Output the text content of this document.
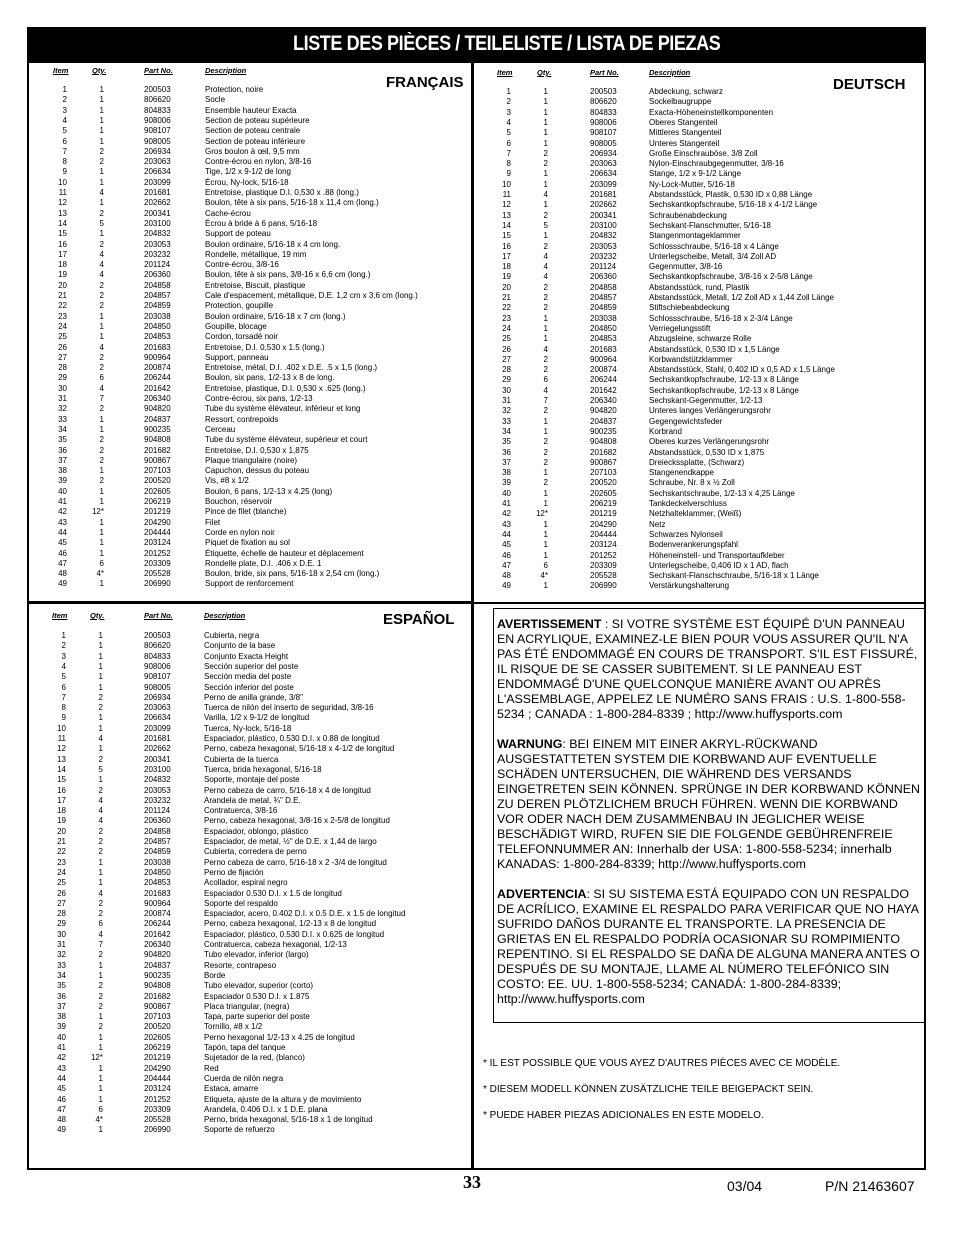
LISTE DES PIÈCES / TEILELISTE / LISTA DE PIEZAS
FRANÇAIS
Item	Qty.	Part No.	Description
1	1	200503	Protection, noire
2	1	806620	Socle
3	1	804833	Ensemble hauteur Exacta
4	1	908006	Section de poteau supérieure
5	1	908107	Section de poteau centrale
6	1	908005	Section de poteau inférieure
7	2	206934	Gros boulon à œil, 9,5 mm
8	2	203063	Contre-écrou en nylon, 3/8-16
9	1	206634	Tige, 1/2 x 9-1/2 de long
10	1	203099	Écrou, Ny-lock, 5/16-18
11	4	201681	Entretoise, plastique D.I. 0,530 x .88 (long.)
12	1	202662	Boulon, tête à six pans, 5/16-18 x 11,4 cm (long.)
13	2	200341	Cache-écrou
14	5	203100	Écrou à bride à 6 pans, 5/16-18
15	1	204832	Support de poteau
16	2	203053	Boulon ordinaire, 5/16-18 x 4 cm long.
17	4	203232	Rondelle, métallique, 19 mm
18	4	201124	Contre-écrou, 3/8-16
19	4	206360	Boulon, tête à six pans, 3/8-16 x 6,6 cm (long.)
20	2	204858	Entretoise, Biscuit, plastique
21	2	204857	Cale d'espacement, métallique, D.E. 1,2 cm x 3,6 cm (long.)
22	2	204859	Protection, goupille
23	1	203038	Boulon ordinaire, 5/16-18 x 7 cm (long.)
24	1	204850	Goupille, blocage
25	1	204853	Cordon, torsadé noir
26	4	201683	Entretoise, D.I. 0,530 x 1.5 (long.)
27	2	900964	Support, panneau
28	2	200874	Entretoise, métal, D.I. .402 x D.E. .5 x 1,5 (long.)
29	6	206244	Boulon, six pans, 1/2-13 x 8 de long.
30	4	201642	Entretoise, plastique, D.I. 0,530 x .625 (long.)
31	7	206340	Contre-écrou, six pans, 1/2-13
32	2	904820	Tube du système élévateur, inférieur et long
33	1	204837	Ressort, contrepoids
34	1	900235	Cerceau
35	2	904808	Tube du système élévateur, supérieur et court
36	2	201682	Entretoise, D.I. 0,530 x 1,875
37	2	900867	Plaque triangulaire (noire)
38	1	207103	Capuchon, dessus du poteau
39	2	200520	Vis, #8 x 1/2
40	1	202605	Boulon, 6 pans, 1/2-13 x 4.25 (long)
41	1	206219	Bouchon, réservoir
42	12*	201219	Pince de filet (blanche)
43	1	204290	Filet
44	1	204444	Corde en nylon noir
45	1	203124	Piquet de fixation au sol
46	1	201252	Étiquette, échelle de hauteur et déplacement
47	6	203309	Rondelle plate, D.I. .406 x D.E. 1
48	4*	205528	Boulon, bride, six pans, 5/16-18 x 2,54 cm (long.)
49	1	206990	Support de renforcement
DEUTSCH
Item	Qty.	Part No.	Description
1	1	200503	Abdeckung, schwarz
2	1	806620	Sockelbaugruppe
3	1	804833	Exacta-Höheneinstellkomponenten
4	1	908006	Oberes Stangenteil
5	1	908107	Mittleres Stangenteil
6	1	908005	Unteres Stangenteil
7	2	206934	Große Einschrauböse, 3/8 Zoll
8	2	203063	Nylon-Einschraubgegenmutter, 3/8-16
9	1	206634	Stange, 1/2 x 9-1/2 Länge
10	1	203099	Ny-Lock-Mutter, 5/16-18
11	4	201681	Abstandsstück, Plastik, 0,530 ID x 0,88 Länge
12	1	202662	Sechskantkopfschraube, 5/16-18 x 4-1/2 Länge
13	2	200341	Schraubenabdeckung
14	5	203100	Sechskant-Flanschmutter, 5/16-18
15	1	204832	Stangenmontageklammer
16	2	203053	Schlossschraube, 5/16-18 x 4 Länge
17	4	203232	Unterlegscheibe, Metall, 3/4 Zoll AD
18	4	201124	Gegenmutter, 3/8-16
19	4	206360	Sechskantkopfschraube, 3/8-16 x 2-5/8 Länge
20	2	204858	Abstandsstück, rund, Plastik
21	2	204857	Abstandsstück, Metall, 1/2 Zoll AD x 1,44 Zoll Länge
22	2	204859	Stiftschiebeabdeckung
23	1	203038	Schlossschraube, 5/16-18 x 2-3/4 Länge
24	1	204850	Verriegelungsstift
25	1	204853	Abzugsleine, schwarze Rolle
26	4	201683	Abstandsstück, 0,530 ID x 1,5 Länge
27	2	900964	Korbwandstützklammer
28	2	200874	Abstandsstück, Stahl, 0,402 ID x 0,5 AD x 1,5 Länge
29	6	206244	Sechskantkopfschraube, 1/2-13 x 8 Länge
30	4	201642	Sechskantkopfschraube, 1/2-13 x 8 Länge
31	7	206340	Sechskant-Gegenmutter, 1/2-13
32	2	904820	Unteres langes Verlängerungsrohr
33	1	204837	Gegengewichtsfeder
34	1	900235	Korbrand
35	2	904808	Oberes kurzes Verlängerungsrohr
36	2	201682	Abstandsstück, 0,530 ID x 1,875
37	2	900867	Dreieckssplatte, (Schwarz)
38	1	207103	Stangenendkappe
39	2	200520	Schraube, Nr. 8 x ½ Zoll
40	1	202605	Sechskantschraube, 1/2-13 x 4,25 Länge
41	1	206219	Tankdeckelverschluss
42	12*	201219	Netzhalteklammer, (Weiß)
43	1	204290	Netz
44	1	204444	Schwarzes Nylonseil
45	1	203124	Bodenverankerungspfahl
46	1	201252	Höheneinstell- und Transportaufkleber
47	6	203309	Unterlegscheibe, 0,406 ID x 1 AD, flach
48	4*	205528	Sechskant-Flanschschraube, 5/16-18 x 1 Länge
49	1	206990	Verstärkungshalterung
ESPAÑOL
Item	Qty.	Part No.	Description
1	1	200503	Cubierta, negra
2	1	806620	Conjunto de la base
3	1	804833	Conjunto Exacta Height
4	1	908006	Sección superior del poste
5	1	908107	Sección media del poste
6	1	908005	Sección inferior del poste
7	2	206934	Perno de anilla grande, 3/8"
8	2	203063	Tuerca de nilón del inserto de seguridad, 3/8-16
9	1	206634	Varilla, 1/2 x 9-1/2 de longitud
10	1	203099	Tuerca, Ny-lock, 5/16-18
11	4	201681	Espaciador, plástico, 0.530 D.I. x 0.88 de longitud
12	1	202662	Perno, cabeza hexagonal, 5/16-18 x 4-1/2 de longitud
13	2	200341	Cubierta de la tuerca
14	5	203100	Tuerca, brida hexagonal, 5/16-18
15	1	204832	Soporte, montaje del poste
16	2	203053	Perno cabeza de carro, 5/16-18 x 4 de longitud
17	4	203232	Arandela de metal, ¾" D.E.
18	4	201124	Contratuerca, 3/8-16
19	4	206360	Perno, cabeza hexagonal, 3/8-16 x 2-5/8 de longitud
20	2	204858	Espaciador, oblongo, plástico
21	2	204857	Espaciador, de metal, ½" de D.E. x 1,44 de largo
22	2	204859	Cubierta, corredera de perno
23	1	203038	Perno cabeza de carro, 5/16-18 x 2 -3/4 de longitud
24	1	204850	Perno de fijación
25	1	204853	Acollador, espiral negro
26	4	201683	Espaciador 0.530 D.I. x 1.5 de longitud
27	2	900964	Soporte del respaldo
28	2	200874	Espaciador, acero, 0.402 D.I. x 0.5 D.E. x 1.5 de longitud
29	6	206244	Perno, cabeza hexagonal, 1/2-13 x 8 de longitud
30	4	201642	Espaciador, plástico, 0.530 D.I. x 0.625 de longitud
31	7	206340	Contratuerca, cabeza hexagonal, 1/2-13
32	2	904820	Tubo elevador, inferior (largo)
33	1	204837	Resorte, contrapeso
34	1	900235	Borde
35	2	904808	Tubo elevador, superior (corto)
36	2	201682	Espaciador 0.530 D.I. x 1.875
37	2	900867	Placa triangular, (negra)
38	1	207103	Tapa, parte superior del poste
39	2	200520	Tornillo, #8 x 1/2
40	1	202605	Perno hexagonal 1/2-13 x 4.25 de longitud
41	1	206219	Tapón, tapa del tanque
42	12*	201219	Sujetador de la red, (blanco)
43	1	204290	Red
44	1	204444	Cuerda de nilón negra
45	1	203124	Estaca, amarre
46	1	201252	Etiqueta, ajuste de la altura y de movimiento
47	6	203309	Arandela, 0.406 D.I. x 1 D.E. plana
48	4*	205528	Perno, brida hexagonal, 5/16-18 x 1 de longitud
49	1	206990	Soporte de refuerzo

AVERTISSEMENT : SI VOTRE SYSTÈME EST ÉQUIPÉ D'UN PANNEAU EN ACRYLIQUE, EXAMINEZ-LE BIEN POUR VOUS ASSURER QU'IL N'A PAS ÉTÉ ENDOMMAGÉ EN COURS DE TRANSPORT. S'IL EST FISSURÉ, IL RISQUE DE SE CASSER SUBITEMENT. SI LE PANNEAU EST ENDOMMAGÉ D'UNE QUELCONQUE MANIÈRE AVANT OU APRÈS L'ASSEMBLAGE, APPELEZ LE NUMÉRO SANS FRAIS : U.S. 1-800-558-5234 ; CANADA : 1-800-284-8339 ; http://www.huffysports.com

WARNUNG: BEI EINEM MIT EINER AKRYL-RÜCKWAND AUSGESTATTETEN SYSTEM DIE KORBWAND AUF EVENTUELLE SCHÄDEN UNTERSUCHEN, DIE WÄHREND DES VERSANDS EINGETRETEN SEIN KÖNNEN. SPRÜNGE IN DER KORBWAND KÖNNEN ZU DEREN PLÖTZLICHEM BRUCH FÜHREN. WENN DIE KORBWAND VOR ODER NACH DEM ZUSAMMENBAU IN JEGLICHER WEISE BESCHÄDIGT WIRD, RUFEN SIE DIE FOLGENDE GEBÜHRENFREIE TELEFONNUMMER AN: Innerhalb der USA: 1-800-558-5234; innerhalb KANADAS: 1-800-284-8339; http://www.huffysports.com

ADVERTENCIA: SI SU SISTEMA ESTÁ EQUIPADO CON UN RESPALDO DE ACRÍLICO, EXAMINE EL RESPALDO PARA VERIFICAR QUE NO HAYA SUFRIDO DAÑOS DURANTE EL TRANSPORTE. LA PRESENCIA DE GRIETAS EN EL RESPALDO PODRÍA OCASIONAR SU ROMPIMIENTO REPENTINO. SI EL RESPALDO SE DAÑA DE ALGUNA MANERA ANTES O DESPUÉS DE SU MONTAJE, LLAME AL NÚMERO TELEFÓNICO SIN COSTO: EE. UU. 1-800-558-5234; CANADÁ: 1-800-284-8339; http://www.huffysports.com

* IL EST POSSIBLE QUE VOUS AYEZ D'AUTRES PIÈCES AVEC CE MODÈLE.
* DIESEM MODELL KÖNNEN ZUSÄTZLICHE TEILE BEIGEPACKT SEIN.
* PUEDE HABER PIEZAS ADICIONALES EN ESTE MODELO.
33	03/04	P/N 21463607
